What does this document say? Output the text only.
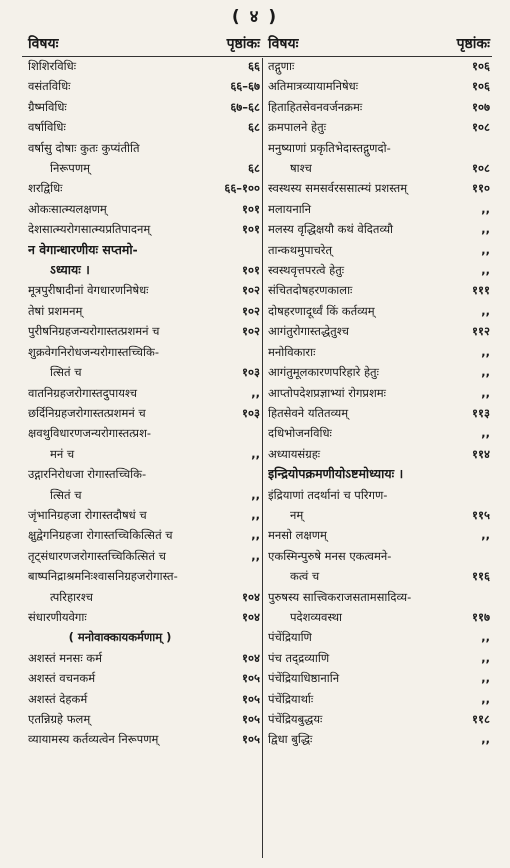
( ४ )
विषयः	पृष्ठांकः
शिशिरविधिः	६६
वसंतविधिः	६६–६७
ग्रैष्मविधिः	६७–६८
वर्षाविधिः	६८
वर्षासु दोषाः कुतः कुप्यंतीति
निरूपणम्	६८
शरद्विधिः	६६–१००
ओकःसात्म्यलक्षणम्	१०१
देशसात्म्यरोगसात्म्यप्रतिपादनम्	१०१
न वेगान्धारणीयः सप्तमो-
ऽध्यायः ।	१०१
मूत्रपुरीषादीनां वेगधारणनिषेधः	१०२
तेषां प्रशमनम्	१०२
पुरीषनिग्रहजन्यरोगास्तत्प्रशमनं च	१०२
शुक्रवेगनिरोधजन्यरोगास्तच्चिकि-
त्सितं च	१०३
वातनिग्रहजरोगास्तदुपायश्च	,,
छर्दिनिग्रहजरोगास्तत्प्रशमनं च	१०३
क्षवथुविधारणजन्यरोगास्तत्प्रश-
मनं च	,,
उद्गारनिरोधजा रोगास्तच्चिकि-
त्सितं च	,,
जृंभानिग्रहजा रोगास्तदौषधं च	,,
क्षुद्वेगनिग्रहजा रोगास्तच्चिकित्सितं च	,,
तृट्संधारणजरोगास्तच्चिकित्सितं च	,,
बाष्पनिद्राश्रमनिःश्वासनिग्रहजरोगास्त-
त्परिहारश्च	१०४
संधारणीयवेगाः	१०४
( मनोवाक्कायकर्मणाम् )
अशस्तं मनसः कर्म	१०४
अशस्तं वचनकर्म	१०५
अशस्तं देहकर्म	१०५
एतन्निग्रहे फलम्	१०५
व्यायामस्य कर्तव्यत्वेन निरूपणम्	१०५
विषयः	पृष्ठांकः
तद्गुणाः	१०६
अतिमात्रव्यायामनिषेधः	१०६
हिताहितसेवनवर्जनक्रमः	१०७
क्रमपालने हेतुः	१०८
मनुष्याणां प्रकृतिभेदास्तद्गुणदो-
षाश्च	१०८
स्वस्थस्य समसर्वरससात्म्यं प्रशस्तम्	११०
मलायनानि	,,
मलस्य वृद्धिक्षयौ कथं वेदितव्यौ	,,
तान्कथमुपाचरेत्	,,
स्वस्थवृत्तपरत्वे हेतुः	,,
संचितदोषहरणकालाः	१११
दोषहरणादूर्ध्वं किं कर्तव्यम्	,,
आगंतुरोगास्तद्धेतुश्च	११२
मनोविकाराः	,,
आगंतुमूलकारणपरिहारे हेतुः	,,
आप्तोपदेशप्रज्ञाभ्यां रोगप्रशमः	,,
हितसेवने यतितव्यम्	११३
दधिभोजनविधिः	,,
अध्यायसंग्रहः	११४
इन्द्रियोपक्रमणीयोऽष्टमोध्यायः ।
इंद्रियाणां तदर्थानां च परिगण-
नम्	११५
मनसो लक्षणम्	,,
एकस्मिन्पुरुषे मनस एकत्वमने-
कत्वं च	११६
पुरुषस्य सात्त्विकराजसतामसादिव्य-
पदेशव्यवस्था	११७
पंचेंद्रियाणि	,,
पंच तद्द्रव्याणि	,,
पंचेंद्रियाधिष्ठानानि	,,
पंचेंद्रियार्थाः	,,
पंचेंद्रियबुद्धयः	११८
द्विधा बुद्धिः	,,
